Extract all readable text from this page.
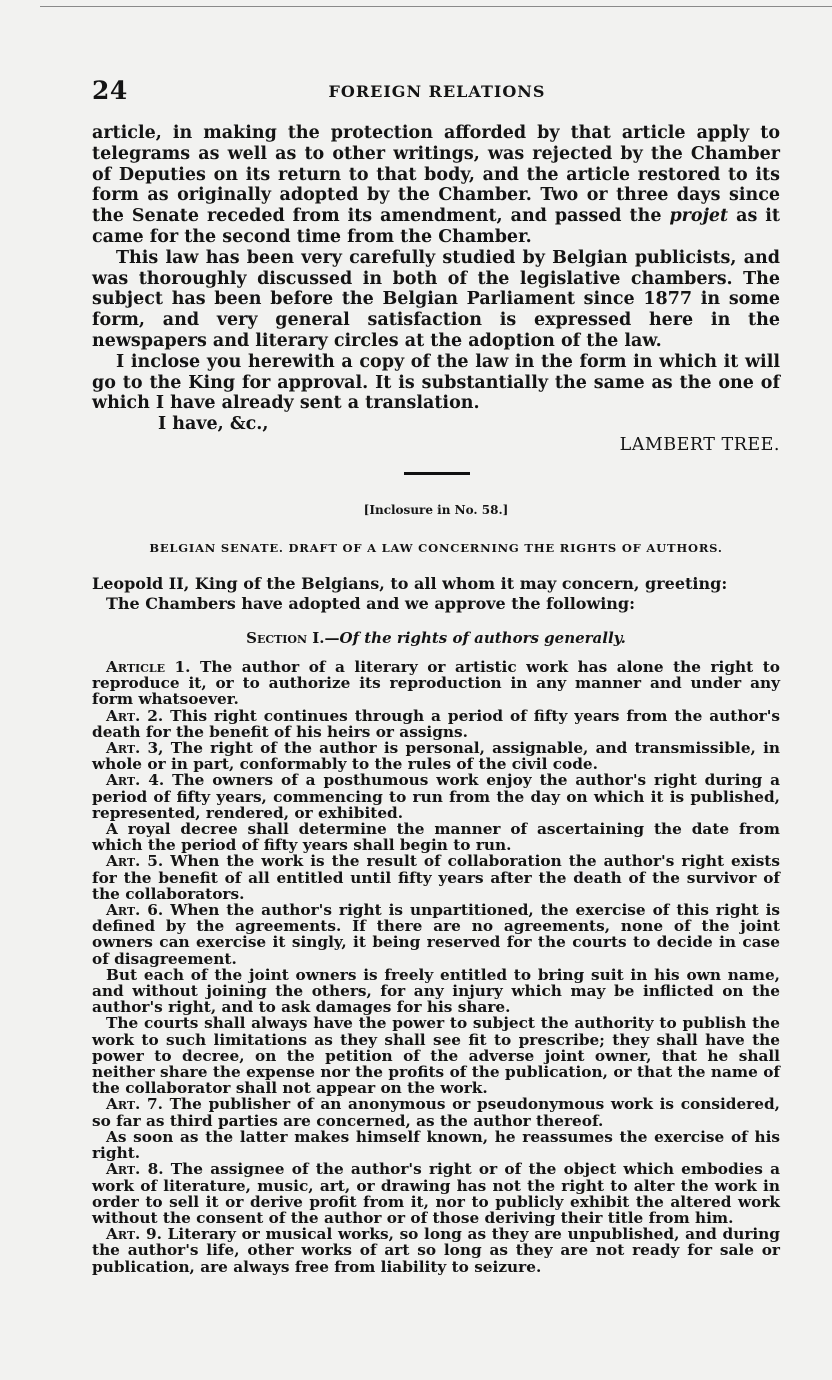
24	FOREIGN RELATIONS

article, in making the protection afforded by that article apply to telegrams as well as to other writings, was rejected by the Chamber of Deputies on its return to that body, and the article restored to its form as originally adopted by the Chamber. Two or three days since the Senate receded from its amendment, and passed the projet as it came for the second time from the Chamber.

This law has been very carefully studied by Belgian publicists, and was thoroughly discussed in both of the legislative chambers. The subject has been before the Belgian Parliament since 1877 in some form, and very general satisfaction is expressed here in the newspapers and literary circles at the adoption of the law.

I inclose you herewith a copy of the law in the form in which it will go to the King for approval. It is substantially the same as the one of which I have already sent a translation.

I have, &c.,

LAMBERT TREE.

[Inclosure in No. 58.]
BELGIAN SENATE. DRAFT OF A LAW CONCERNING THE RIGHTS OF AUTHORS.

Leopold II, King of the Belgians, to all whom it may concern, greeting:

The Chambers have adopted and we approve the following:

Section I.—Of the rights of authors generally.

Article 1. The author of a literary or artistic work has alone the right to reproduce it, or to authorize its reproduction in any manner and under any form whatsoever.

Art. 2. This right continues through a period of fifty years from the author's death for the benefit of his heirs or assigns.

Art. 3, The right of the author is personal, assignable, and transmissible, in whole or in part, conformably to the rules of the civil code.

Art. 4. The owners of a posthumous work enjoy the author's right during a period of fifty years, commencing to run from the day on which it is published, represented, rendered, or exhibited.

A royal decree shall determine the manner of ascertaining the date from which the period of fifty years shall begin to run.

Art. 5. When the work is the result of collaboration the author's right exists for the benefit of all entitled until fifty years after the death of the survivor of the collaborators.

Art. 6. When the author's right is unpartitioned, the exercise of this right is defined by the agreements. If there are no agreements, none of the joint owners can exercise it singly, it being reserved for the courts to decide in case of disagreement.

But each of the joint owners is freely entitled to bring suit in his own name, and without joining the others, for any injury which may be inflicted on the author's right, and to ask damages for his share.

The courts shall always have the power to subject the authority to publish the work to such limitations as they shall see fit to prescribe; they shall have the power to decree, on the petition of the adverse joint owner, that he shall neither share the expense nor the profits of the publication, or that the name of the collaborator shall not appear on the work.

Art. 7. The publisher of an anonymous or pseudonymous work is considered, so far as third parties are concerned, as the author thereof.

As soon as the latter makes himself known, he reassumes the exercise of his right.

Art. 8. The assignee of the author's right or of the object which embodies a work of literature, music, art, or drawing has not the right to alter the work in order to sell it or derive profit from it, nor to publicly exhibit the altered work without the consent of the author or of those deriving their title from him.

Art. 9. Literary or musical works, so long as they are unpublished, and during the author's life, other works of art so long as they are not ready for sale or publication, are always free from liability to seizure.
